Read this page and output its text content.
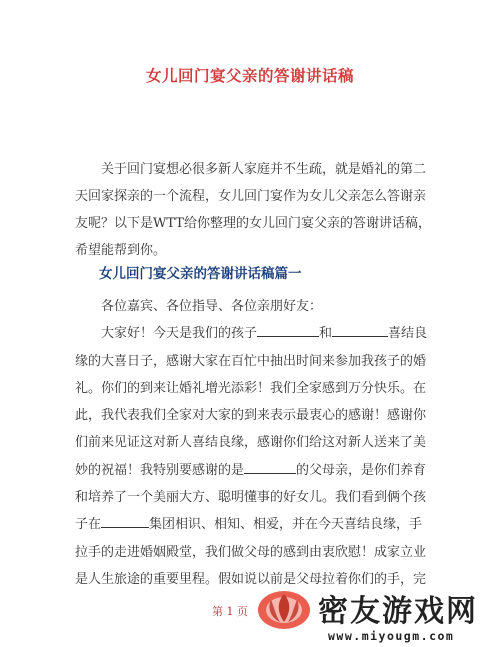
女儿回门宴父亲的答谢讲话稿

关于回门宴想必很多新人家庭并不生疏，就是婚礼的第二天回家探亲的一个流程，女儿回门宴作为女儿父亲怎么答谢亲友呢？以下是WTT给你整理的女儿回门宴父亲的答谢讲话稿，希望能帮到你。

女儿回门宴父亲的答谢讲话稿篇一

各位嘉宾、各位指导、各位亲朋好友：

大家好！今天是我们的孩子	和	喜结良缘的大喜日子，感谢大家在百忙中抽出时间来参加我孩子的婚礼。你们的到来让婚礼增光添彩！我们全家感到万分快乐。在此，我代表我们全家对大家的到来表示最衷心的感谢！感谢你们前来见证这对新人喜结良缘，感谢你们给这对新人送来了美妙的祝福！我特别要感谢的是	的父母亲，是你们养育和培养了一个美丽大方、聪明懂事的好女儿。我们看到俩个孩子在	集团相识、相知、相爱，并在今天喜结良缘，手拉手的走进婚姻殿堂，我们做父母的感到由衷欣慰！成家立业是人生旅途的重要里程。假如说以前是父母拉着你们的手，完

第 1 页 密友游戏网
www.miyougm.com
